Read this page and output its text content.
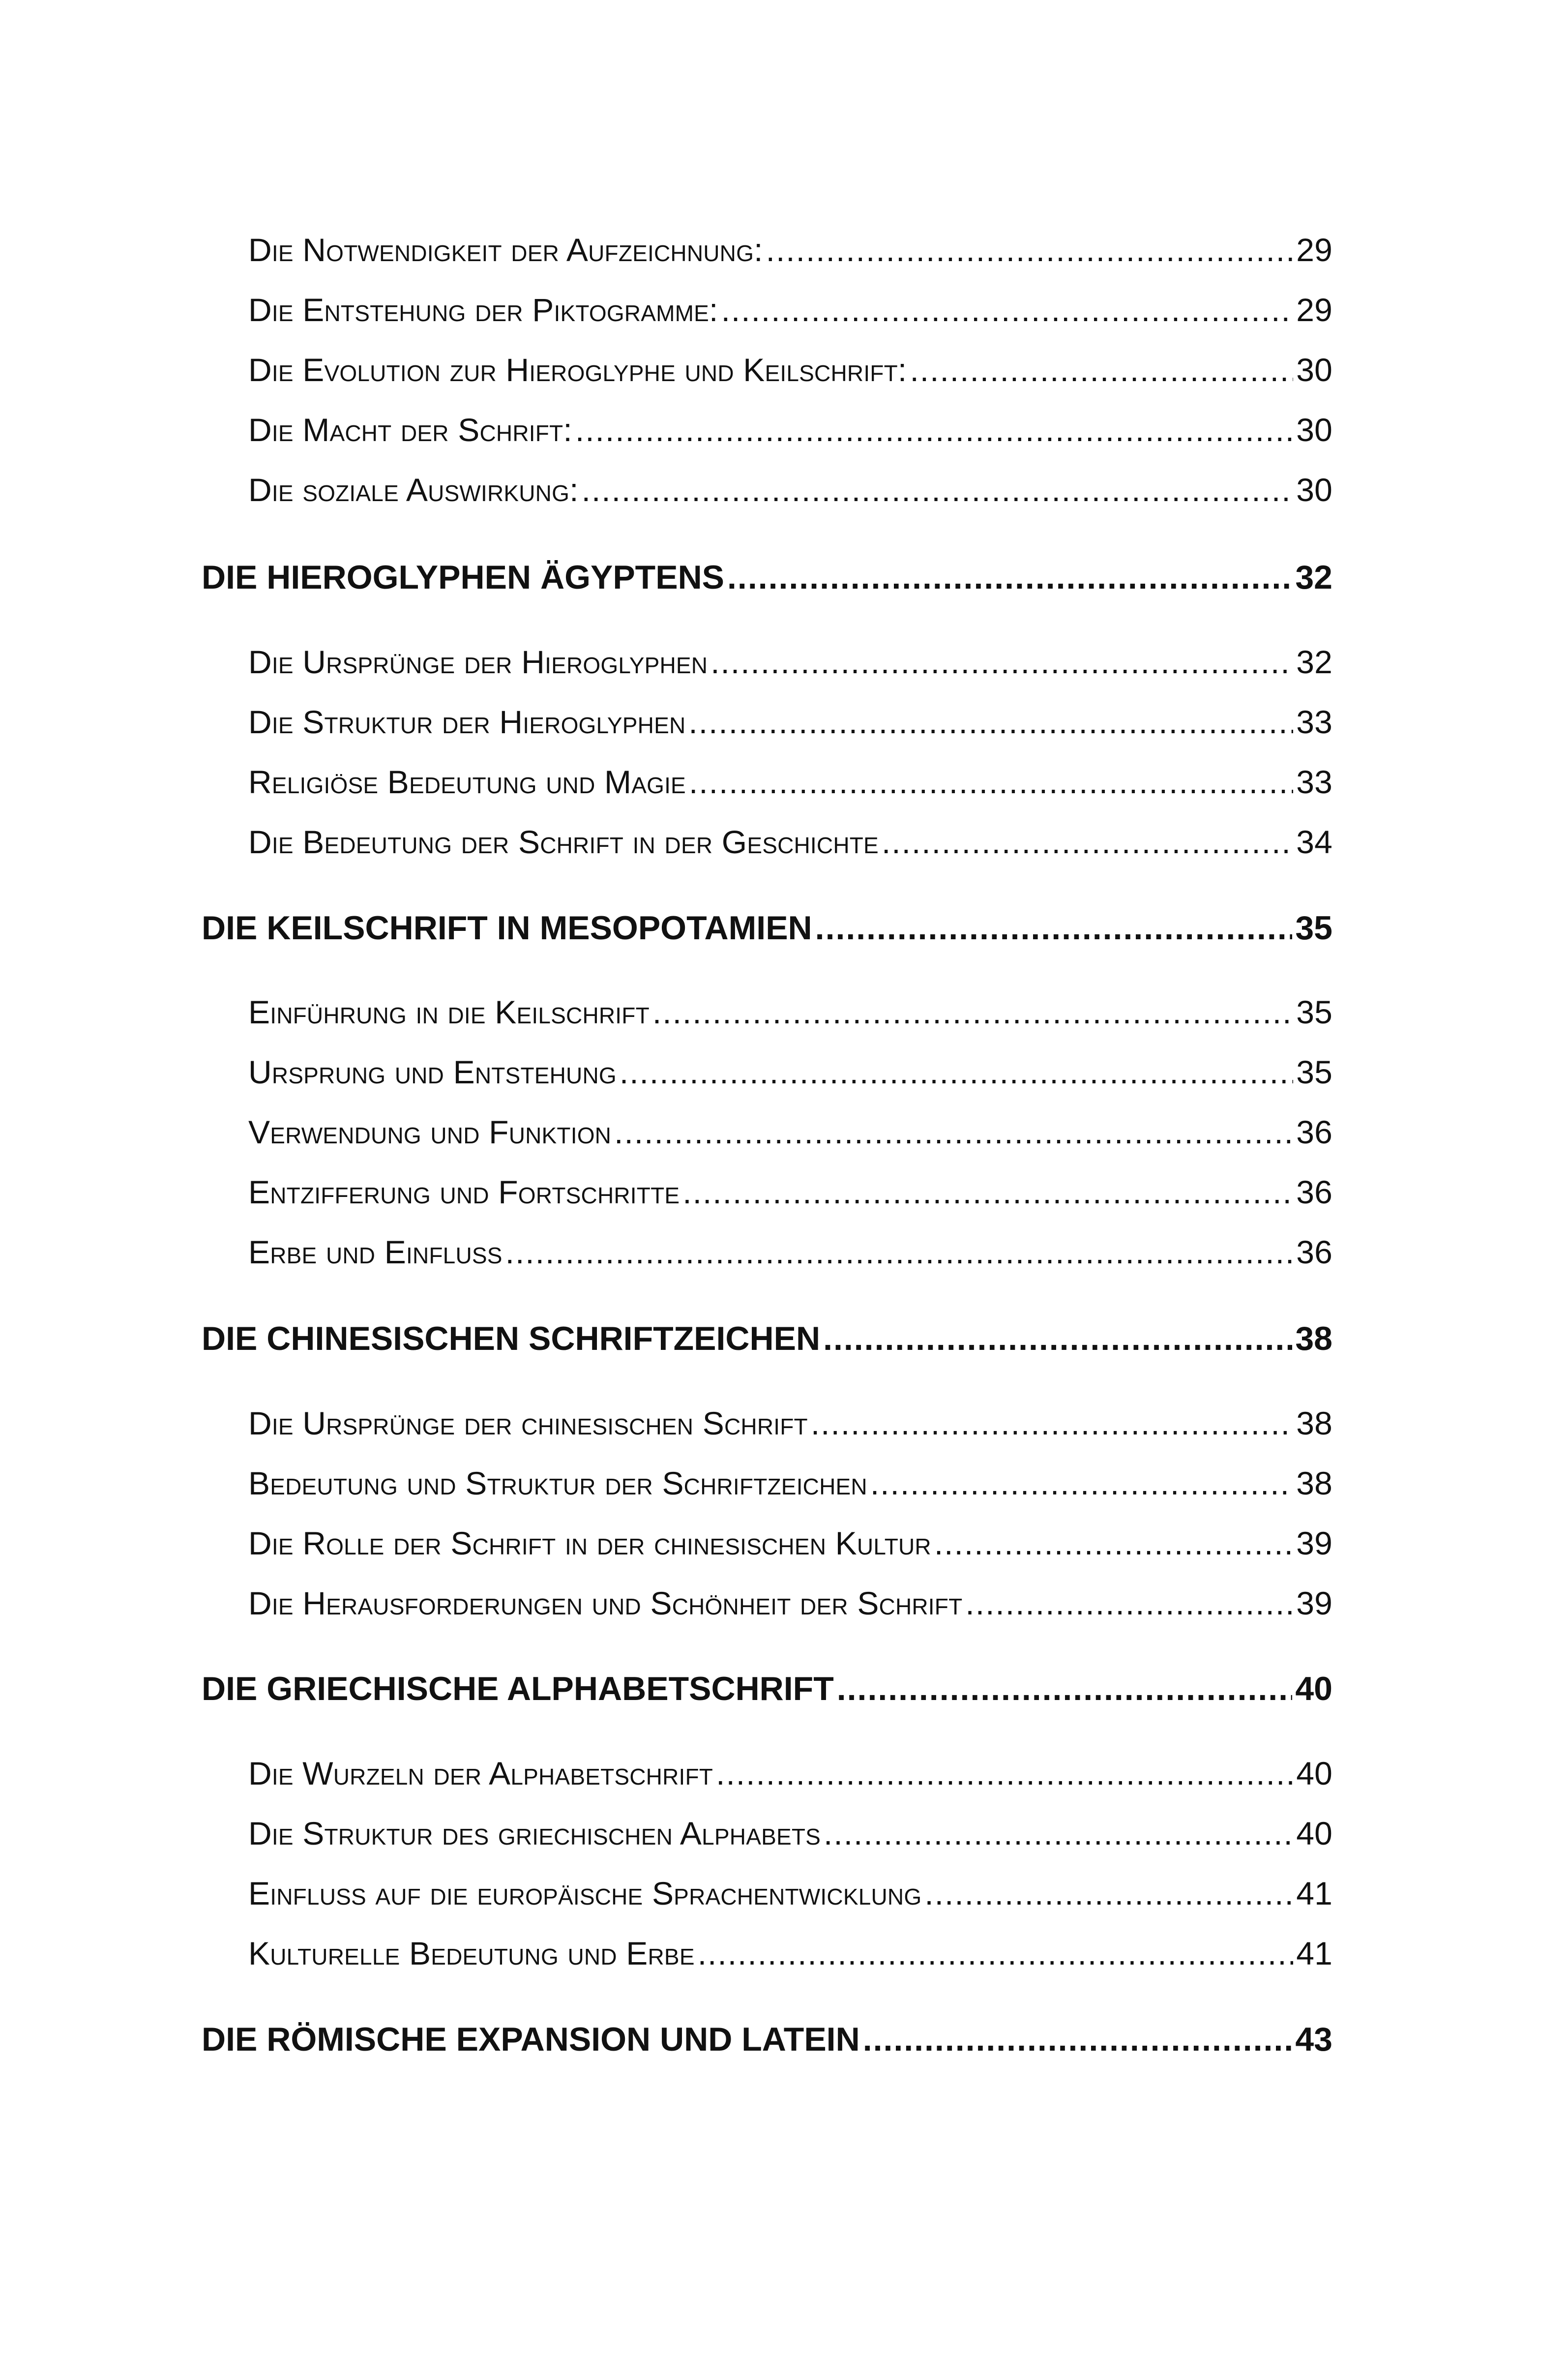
Die Notwendigkeit der Aufzeichnung: .....	29
Die Entstehung der Piktogramme: .....	29
Die Evolution zur Hieroglyphe und Keilschrift: .....	30
Die Macht der Schrift: .....	30
Die soziale Auswirkung: .....	30
DIE HIEROGLYPHEN ÄGYPTENS .....	32
Die Ursprünge der Hieroglyphen .....	32
Die Struktur der Hieroglyphen .....	33
Religiöse Bedeutung und Magie .....	33
Die Bedeutung der Schrift in der Geschichte .....	34
DIE KEILSCHRIFT IN MESOPOTAMIEN .....	35
Einführung in die Keilschrift .....	35
Ursprung und Entstehung .....	35
Verwendung und Funktion .....	36
Entzifferung und Fortschritte .....	36
Erbe und Einfluss .....	36
DIE CHINESISCHEN SCHRIFTZEICHEN .....	38
Die Ursprünge der chinesischen Schrift .....	38
Bedeutung und Struktur der Schriftzeichen .....	38
Die Rolle der Schrift in der chinesischen Kultur .....	39
Die Herausforderungen und Schönheit der Schrift .....	39
DIE GRIECHISCHE ALPHABETSCHRIFT .....	40
Die Wurzeln der Alphabetschrift .....	40
Die Struktur des griechischen Alphabets .....	40
Einfluss auf die europäische Sprachentwicklung .....	41
Kulturelle Bedeutung und Erbe .....	41
DIE RÖMISCHE EXPANSION UND LATEIN .....	43
